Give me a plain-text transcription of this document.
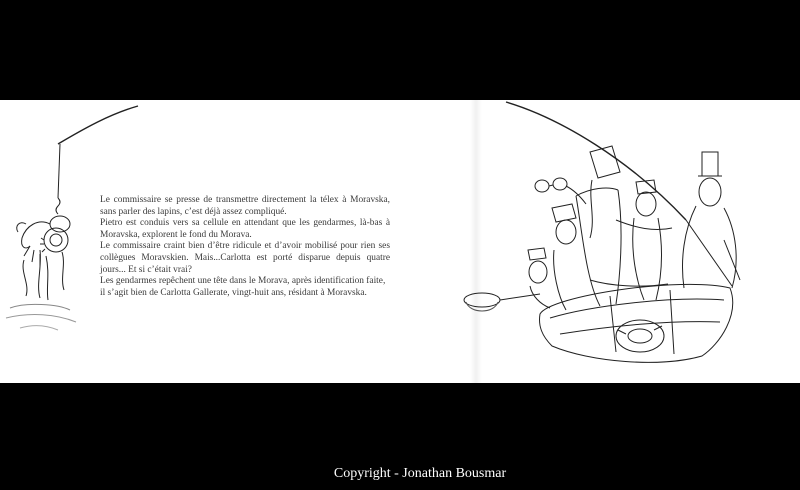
Le commissaire se presse de transmettre directement la télex à Moravska, sans parler des lapins, c’est déjà assez compliqué.

Pietro est conduis vers sa cellule en attendant que les gendarmes, là-bas à Moravska, explorent le fond du Morava.

Le commissaire craint bien d’être ridicule et d’avoir mobilisé pour rien ses collègues Moravskien. Mais...Carlotta est porté disparue depuis quatre jours... Et si c’était vrai?

Les gendarmes repêchent une tête dans le Morava, après identification faite, il s’agit bien de Carlotta Gallerate, vingt-huit ans, résidant à Moravska.

Copyright - Jonathan Bousmar
